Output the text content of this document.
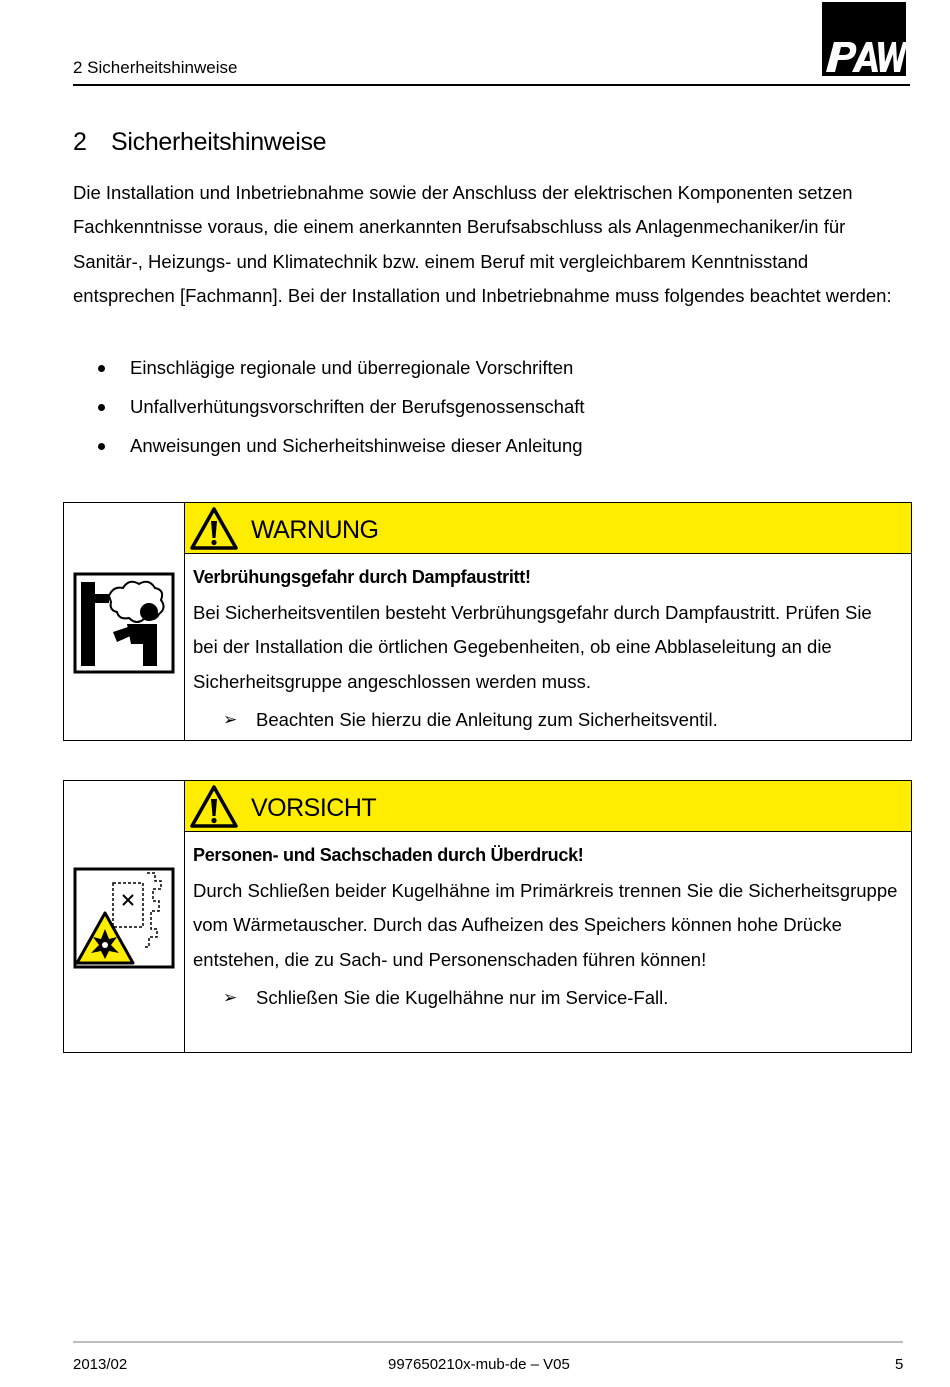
2 Sicherheitshinweise
PAW
2 Sicherheitshinweise
Die Installation und Inbetriebnahme sowie der Anschluss der elektrischen Komponenten setzen Fachkenntnisse voraus, die einem anerkannten Berufsabschluss als Anlagenmechaniker/in für Sanitär-, Heizungs- und Klimatechnik bzw. einem Beruf mit vergleichbarem Kenntnisstand entsprechen [Fachmann]. Bei der Installation und Inbetriebnahme muss folgendes beachtet werden:
Einschlägige regionale und überregionale Vorschriften
Unfallverhütungsvorschriften der Berufsgenossenschaft
Anweisungen und Sicherheitshinweise dieser Anleitung
WARNUNG
Verbrühungsgefahr durch Dampfaustritt!
Bei Sicherheitsventilen besteht Verbrühungsgefahr durch Dampfaustritt. Prüfen Sie bei der Installation die örtlichen Gegebenheiten, ob eine Abblaseleitung an die Sicherheitsgruppe angeschlossen werden muss.
➢ Beachten Sie hierzu die Anleitung zum Sicherheitsventil.
VORSICHT
Personen- und Sachschaden durch Überdruck!
Durch Schließen beider Kugelhähne im Primärkreis trennen Sie die Sicherheitsgruppe vom Wärmetauscher. Durch das Aufheizen des Speichers können hohe Drücke entstehen, die zu Sach- und Personenschaden führen können!
➢ Schließen Sie die Kugelhähne nur im Service-Fall.
2013/02	997650210x-mub-de – V05	5
